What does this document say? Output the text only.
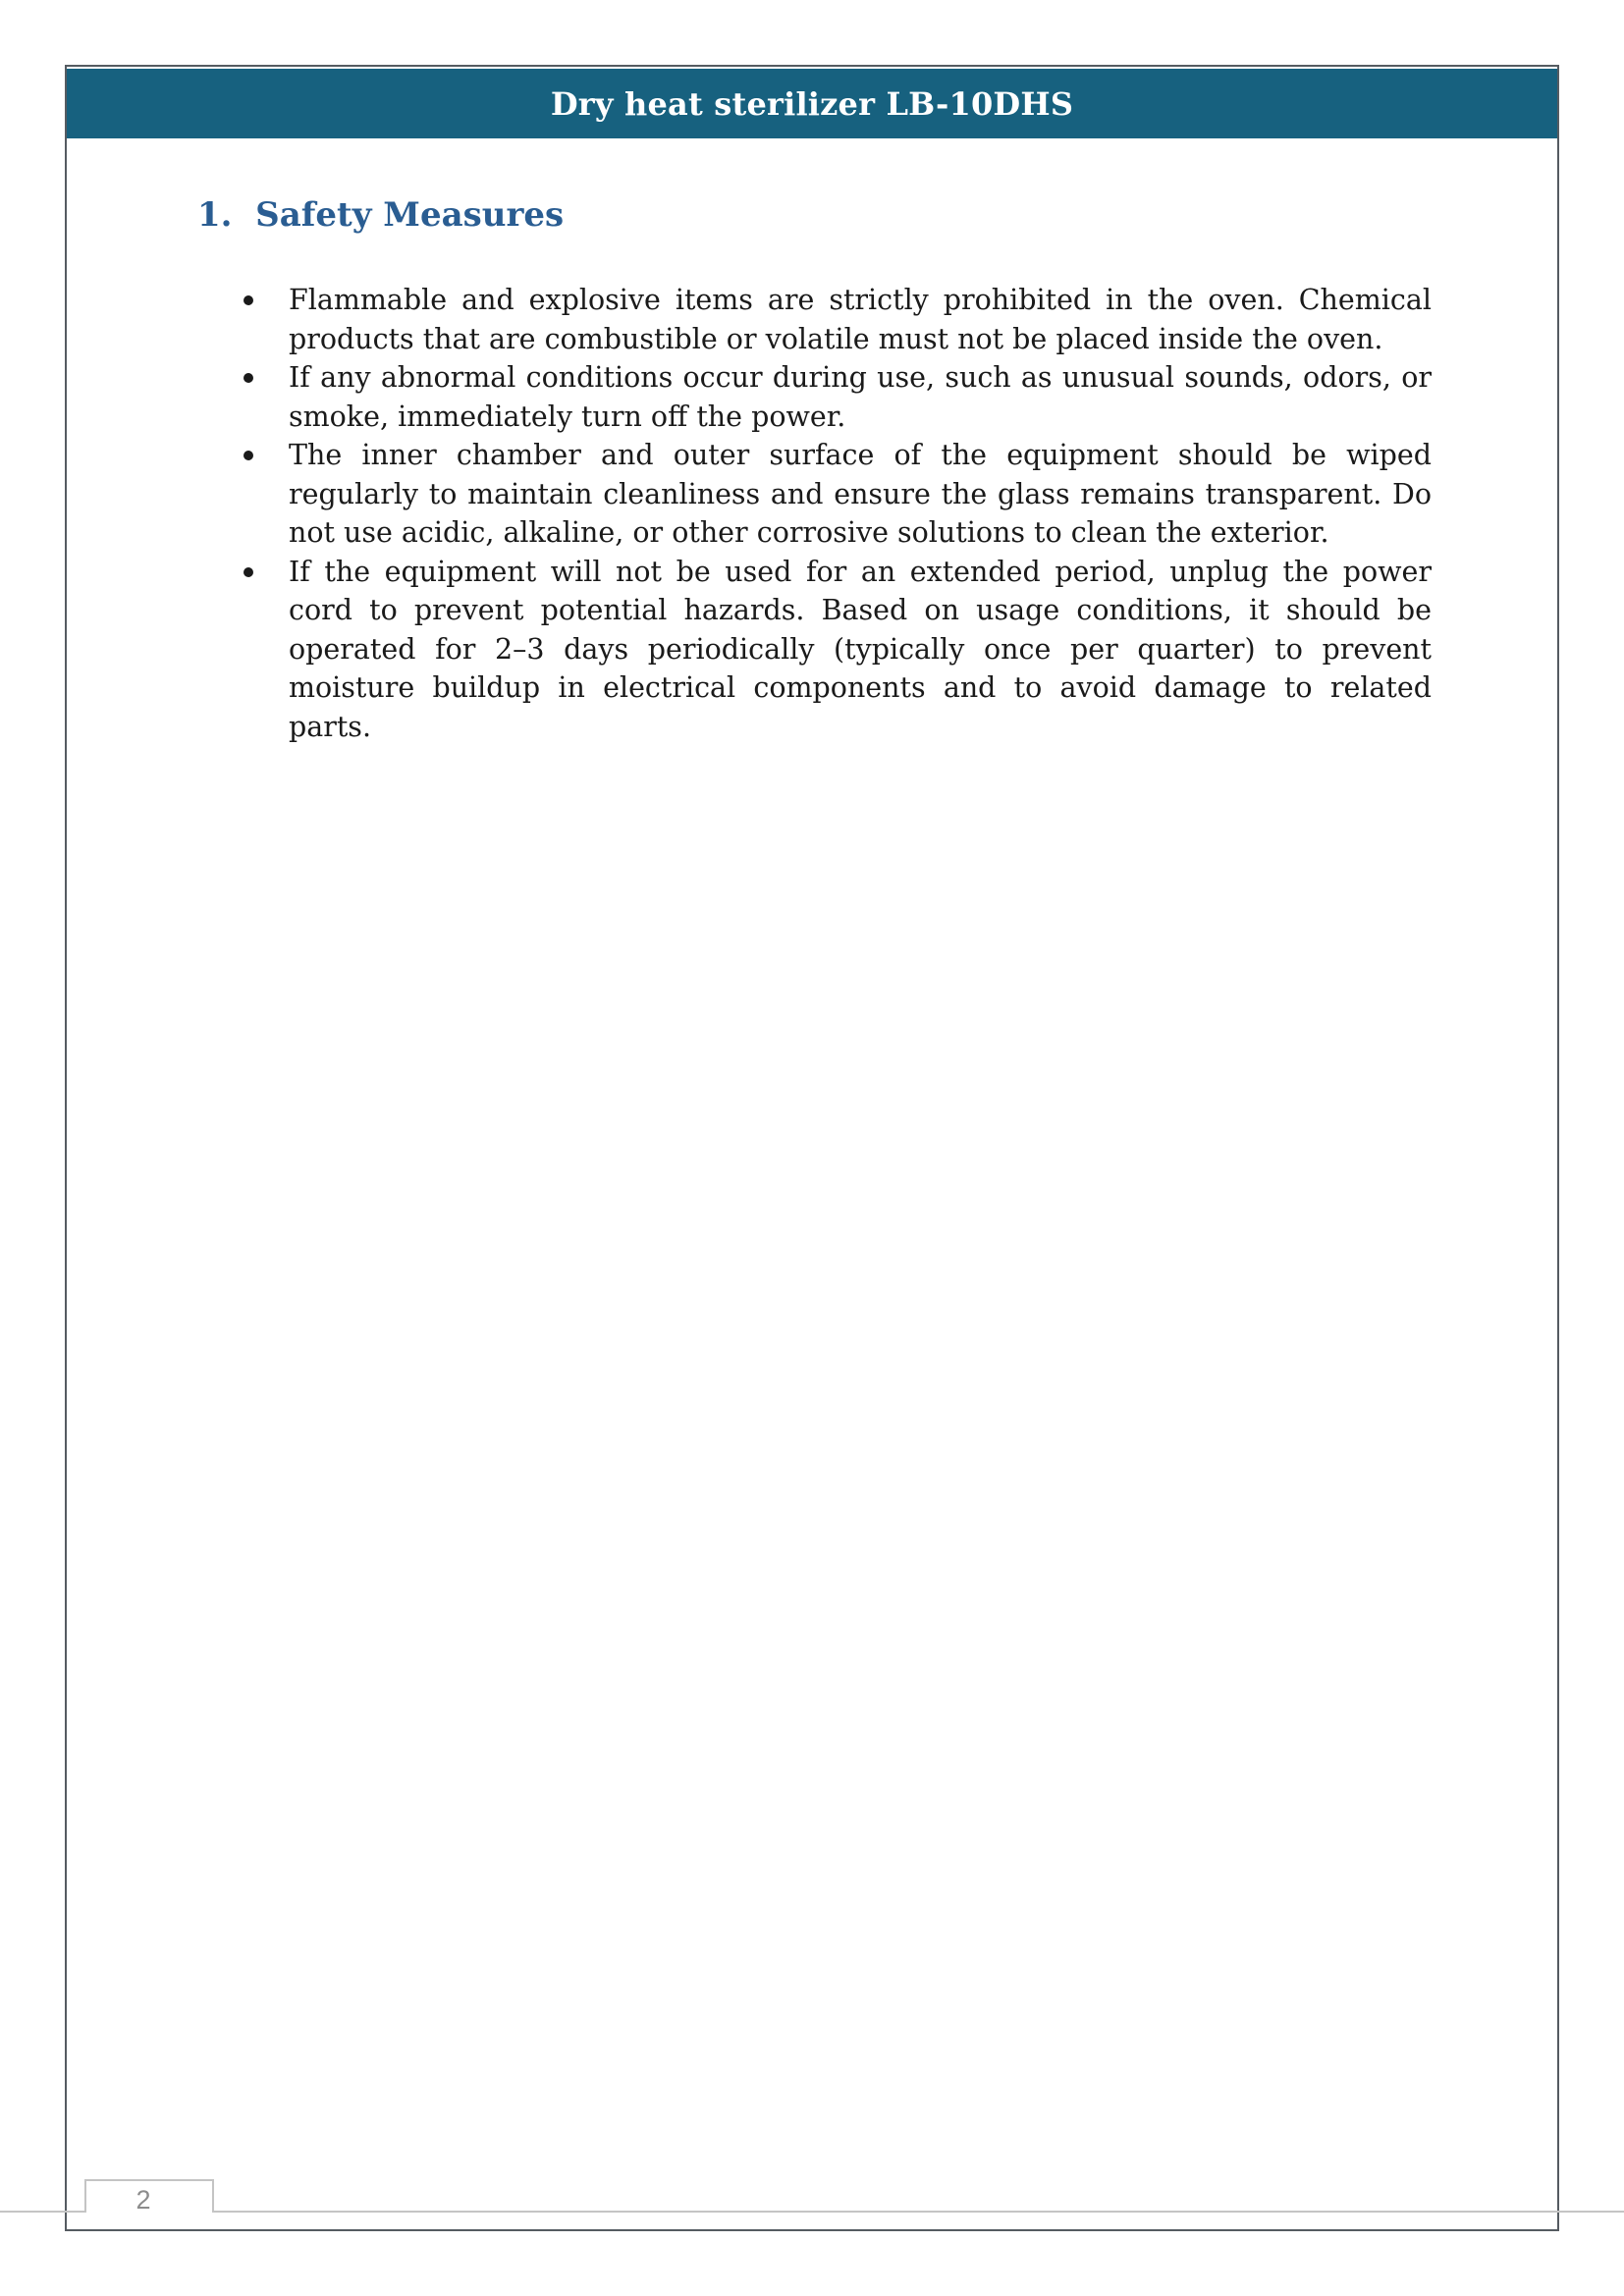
Dry heat sterilizer LB-10DHS
1.  Safety Measures
Flammable and explosive items are strictly prohibited in the oven. Chemical products that are combustible or volatile must not be placed inside the oven.
If any abnormal conditions occur during use, such as unusual sounds, odors, or smoke, immediately turn off the power.
The inner chamber and outer surface of the equipment should be wiped regularly to maintain cleanliness and ensure the glass remains transparent. Do not use acidic, alkaline, or other corrosive solutions to clean the exterior.
If the equipment will not be used for an extended period, unplug the power cord to prevent potential hazards. Based on usage conditions, it should be operated for 2–3 days periodically (typically once per quarter) to prevent moisture buildup in electrical components and to avoid damage to related parts.
2
